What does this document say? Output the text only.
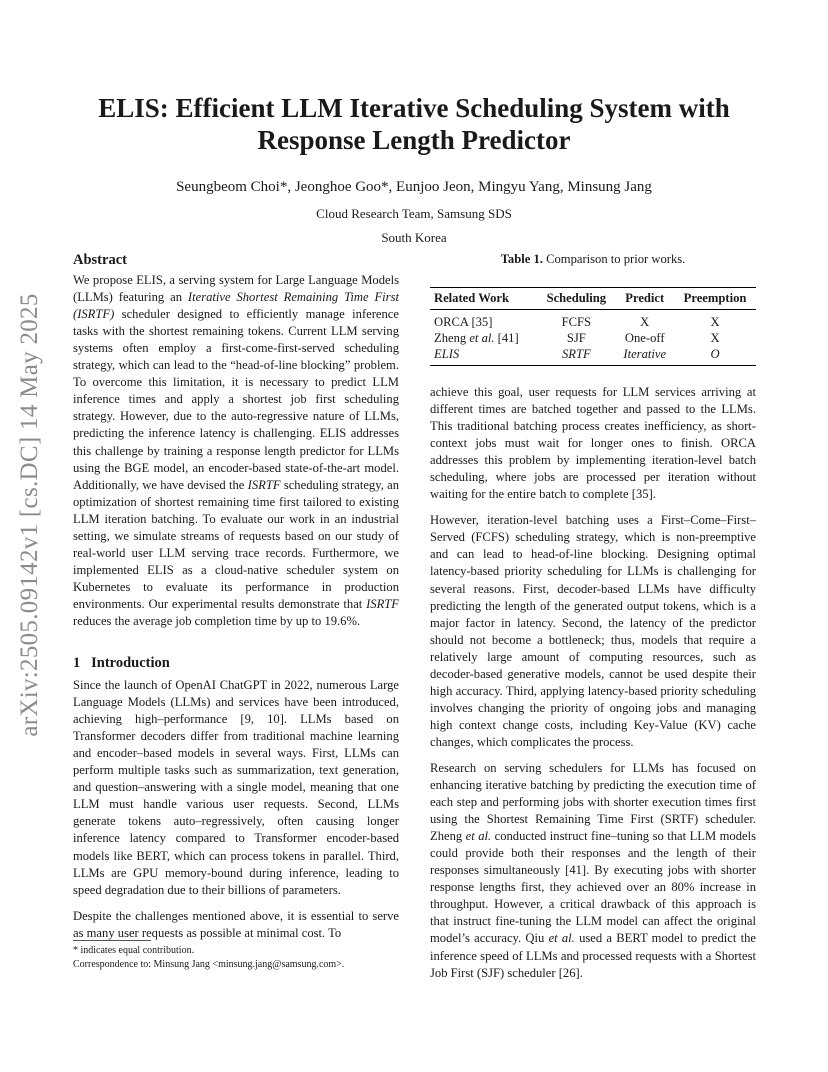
ELIS: Efficient LLM Iterative Scheduling System with
Response Length Predictor
Seungbeom Choi*, Jeonghoe Goo*, Eunjoo Jeon, Mingyu Yang, Minsung Jang
Cloud Research Team, Samsung SDS
South Korea
arXiv:2505.09142v1 [cs.DC] 14 May 2025
Abstract

We propose ELIS, a serving system for Large Language Models (LLMs) featuring an Iterative Shortest Remaining Time First (ISRTF) scheduler designed to efficiently manage inference tasks with the shortest remaining tokens. Current LLM serving systems often employ a first-come-first-served scheduling strategy, which can lead to the “head-of-line blocking” problem. To overcome this limitation, it is necessary to predict LLM inference times and apply a shortest job first scheduling strategy. However, due to the auto-regressive nature of LLMs, predicting the inference latency is challenging. ELIS addresses this challenge by training a response length predictor for LLMs using the BGE model, an encoder-based state-of-the-art model. Additionally, we have devised the ISRTF scheduling strategy, an optimization of shortest remaining time first tailored to existing LLM iteration batching. To evaluate our work in an industrial setting, we simulate streams of requests based on our study of real-world user LLM serving trace records. Furthermore, we implemented ELIS as a cloud-native scheduler system on Kubernetes to evaluate its performance in production environments. Our experimental results demonstrate that ISRTF reduces the average job completion time by up to 19.6%.

1 Introduction

Since the launch of OpenAI ChatGPT in 2022, numerous Large Language Models (LLMs) and services have been introduced, achieving high–performance [9, 10]. LLMs based on Transformer decoders differ from traditional machine learning and encoder–based models in several ways. First, LLMs can perform multiple tasks such as summarization, text generation, and question–answering with a single model, meaning that one LLM must handle various user requests. Second, LLMs generate tokens auto–regressively, often causing longer inference latency compared to Transformer encoder-based models like BERT, which can process tokens in parallel. Third, LLMs are GPU memory-bound during inference, leading to speed degradation due to their billions of parameters.

Despite the challenges mentioned above, it is essential to serve as many user requests as possible at minimal cost. To

* indicates equal contribution.
Correspondence to: Minsung Jang <minsung.jang@samsung.com>.
Table 1. Comparison to prior works.
Related Work	Scheduling	Predict	Preemption
ORCA [35]	FCFS	X	X
Zheng et al. [41]	SJF	One-off	X
ELIS	SRTF	Iterative	O

achieve this goal, user requests for LLM services arriving at different times are batched together and passed to the LLMs. This traditional batching process creates inefficiency, as short-context jobs must wait for longer ones to finish. ORCA addresses this problem by implementing iteration-level batch scheduling, where jobs are processed per iteration without waiting for the entire batch to complete [35].

However, iteration-level batching uses a First–Come–First–Served (FCFS) scheduling strategy, which is non-preemptive and can lead to head-of-line blocking. Designing optimal latency-based priority scheduling for LLMs is challenging for several reasons. First, decoder-based LLMs have difficulty predicting the length of the generated output tokens, which is a major factor in latency. Second, the latency of the predictor should not become a bottleneck; thus, models that require a relatively large amount of computing resources, such as decoder-based generative models, cannot be used despite their high accuracy. Third, applying latency-based priority scheduling involves changing the priority of ongoing jobs and managing high context change costs, including Key-Value (KV) cache changes, which complicates the process.

Research on serving schedulers for LLMs has focused on enhancing iterative batching by predicting the execution time of each step and performing jobs with shorter execution times first using the Shortest Remaining Time First (SRTF) scheduler. Zheng et al. conducted instruct fine–tuning so that LLM models could provide both their responses and the length of their responses simultaneously [41]. By executing jobs with shorter response lengths first, they achieved over an 80% increase in throughput. However, a critical drawback of this approach is that instruct fine-tuning the LLM model can affect the original model’s accuracy. Qiu et al. used a BERT model to predict the inference speed of LLMs and processed requests with a Shortest Job First (SJF) scheduler [26].
